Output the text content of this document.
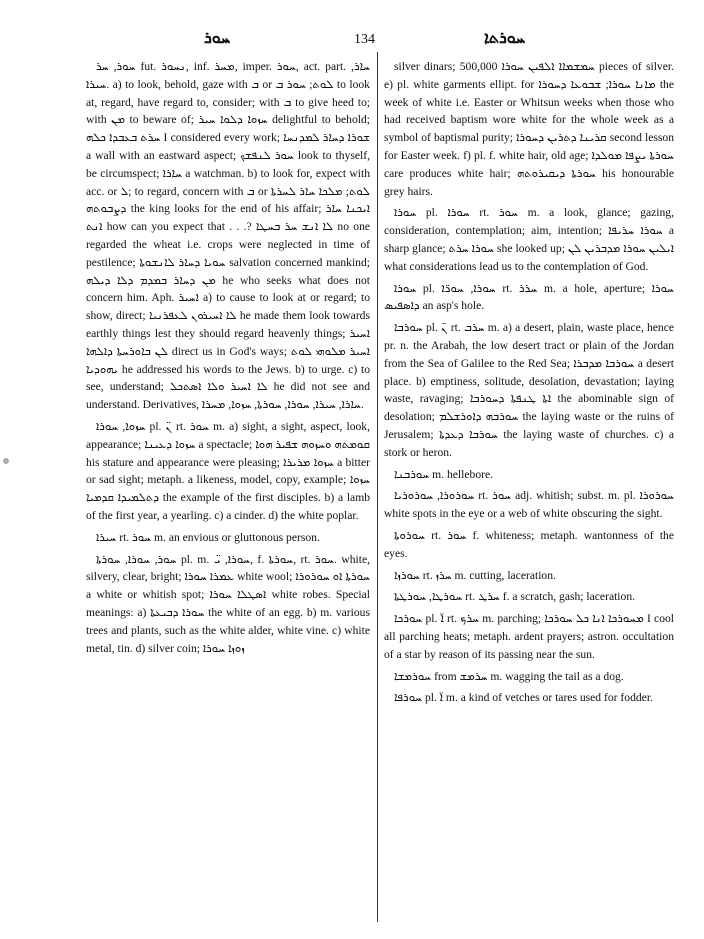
ܚܘܪ	134	ܚܘܪܬܐ

ܚܘܪ, ܚܪ fut. ܢܚܘܪ, inf. ܡܚܪ, imper. ܚܘܪ, act. part. ܚܐܪ, ܚܝܪܐ. a) to look, behold, gaze with ܒ or ܠܘܬ; ܚܘܪ ܒ to look at, regard, have regard to, consider; with ܒ to give heed to; with ܡܢ to beware of; ܚܙܘܐ ܕܠܘܐ ܚܝܪ delightful to behold; ܚܪܬ ܒܥܒܕܐ ܟܠܗ I considered every work; ܫܘܪܐ ܕܚܐܪ ܠܡܕܢܚܐ a wall with an eastward aspect; ܚܘܪ ܠܢܦܫܟ look to thyself, be circumspect; ܚܐܪܐ a watchman. b) to look for, expect with acc. or ܠ; to regard, concern with ܒ or ܠܘܬ; ܡܠܟܐ ܚܐܪ ܠܚܪܬܐ ܕܨܒܘܬܗ the king looks for the end of his affair; ܐܝܟܢܐ ܚܐܪ ܐܢܬ how can you expect that . . .? ܠܐ ܐܢܫ ܚܪ ܒܚܛܐ no one regarded the wheat i.e. crops were neglected in time of pestilence; ܚܘܝܐ ܕܚܐܪ ܠܐܢܫܘܬܐ salvation concerned mankind; ܡܢ ܕܚܐܪ ܒܡܕܡ ܕܠܐ ܕܝܠܗ he who seeks what does not concern him. Aph. ܐܚܝܪ a) to cause to look at or regard; to show, direct; ܠܐ ܐܚܝܪܘܢ ܠܥܦܪܢܝܐ he made them look towards earthly things lest they should regard heavenly things; ܐܚܝܪ ܠܢ ܒܐܘܪܚܬܐ ܕܐܠܗܐ direct us in God's ways; ܐܚܝܪ ܡܠܘܗܝ ܠܘܬ ܝܗܘܕܝܐ he addressed his words to the Jews. b) to urge. c) to see, understand; ܠܐ ܐܚܝܪ ܘܠܐ ܐܣܬܟܠ he did not see and understand. Derivatives, ܚܐܪܐ, ܚܝܪܐ, ܚܘܪܐ, ܚܘܪܬܐ, ܚܙܘܐ, ܡܚܪܐ.

ܚܙܘܐ, ܚܘܪܐ pl. ܢ̈ rt. ܚܘܪ m. a) sight, a sight, aspect, look, appearance; ܚܙܘܐ ܕܥܝܢܐ a spectacle; ܩܘܡܬܗ ܘܚܙܘܗ ܫܦܝܪ ܗܘܐ his stature and appearance were pleasing; ܚܙܘܐ ܡܪܝܪܐ a bitter or sad sight; metaph. a likeness, model, copy, example; ܚܙܘܐ ܕܬܠܡܝܕܐ ܩܕܡܝܐ the example of the first disciples. b) a lamb of the first year, a yearling. c) a cinder. d) the white poplar.

ܚܝܪܐ rt. ܚܘܪ m. an envious or gluttonous person.

ܚܘܪ, ܚܘܪܐ, ܚܘܪܬܐ pl. m. ܚܘܪܐ, ܝ̈, f. ܚܘܪܬܐ, rt. ܚܘܪ. white, silvery, clear, bright; ܥܡܪܐ ܚܘܪܐ white wool; ܚܘܪܬܐ ܐܘ ܚܘܪܘܪܐ a white or whitish spot; ܐܣܛܠܐ ܚܘܪܐ white robes. Special meanings: a) ܚܘܪܐ ܕܒܝܥܬܐ the white of an egg. b) m. various trees and plants, such as the white alder, white vine. c) white metal, tin. d) silver coin; ܙܘܙܐ ܚܘܪܐ

silver dinars; ܚܡܫܡܐܐ ܐܠܦܝܢ ܚܘܪܐ 500,000 pieces of silver. e) pl. white garments ellipt. for ܡܐܢܐ ܚܘܪܐ; ܫܒܘܥܐ ܕܚܘܪܐ the week of white i.e. Easter or Whitsun weeks when those who had received baptism wore white for the whole week as a symbol of baptismal purity; ܩܪܝܢܐ ܕܬܪܝܢ ܕܚܘܪܐ second lesson for Easter week. f) pl. f. white hair, old age; ܚܘܪܬܐ ܝܨܦܐ ܡܘܠܕܐ care produces white hair; ܚܘܪܬܐ ܕܝܩܝܪܘܬܗ his honourable grey hairs.

ܚܘܪܐ pl. ܚܘܪܐ rt. ܚܘܪ m. a look, glance; gazing, consideration, contemplation; aim, intention; ܚܘܪܐ ܚܪܝܦܐ a sharp glance; ܚܘܪܐ ܚܪܬ she looked up; ܐܝܠܝܢ ܚܘܪܐ ܡܕܒܪܝܢ ܠܢ what considerations lead us to the contemplation of God.

ܚܘܪܐ pl. ܚܘܪܐ, ܚܘܪ̈ܐ rt. ܚܪܪ m. a hole, aperture; ܚܘܪܐ ܕܐܣܦܝܣ an asp's hole.

ܚܘܪܒܐ pl. ܢ̈ rt. ܚܪܒ m. a) a desert, plain, waste place, hence pr. n. the Arabah, the low desert tract or plain of the Jordan from the Sea of Galilee to the Red Sea; ܚܘܪܒܐ ܡܕܒܪܐ a desert place. b) emptiness, solitude, desolation, devastation; laying waste, ravaging; ܐܬܐ ܛܢܦܬܐ ܕܚܘܪܒܐ the abominable sign of desolation; ܚܘܪܒܗ ܕܐܘܪܫܠܡ the laying waste or the ruins of Jerusalem; ܚܘܪܒܐ ܕܥܕܬܐ the laying waste of churches. c) a stork or heron.

ܚܘܪܒܢܐ m. hellebore.

ܚܘܪܘܪܐ, ܚܘܪܘܪܝܐ rt. ܚܘܪ adj. whitish; subst. m. pl. ܚܘܪܘܪܐ white spots in the eye or a web of white obscuring the sight.

ܚܘܪܘܬܐ rt. ܚܘܪ f. whiteness; metaph. wantonness of the eyes.

ܚܘܪܙܐ rt. ܚܪܙ m. cutting, laceration.

ܚܘܪܛܐ, ܚܘܪܛܬܐ rt. ܚܪܛ f. a scratch, gash; laceration.

ܚܘܪܟܐ pl. ܐ̈ rt. ܚܪܟ m. parching; ܡܚܘܪܟܐ ܐܢܐ ܟܠ ܚܘܪܟܐ I cool all parching heats; metaph. ardent prayers; astron. occultation of a star by reason of its passing near the sun.

ܚܘܪܡܫܐ from ܚܪܡܫ m. wagging the tail as a dog.

ܚܘܪܦܐ pl. ܐ̈ m. a kind of vetches or tares used for fodder.
